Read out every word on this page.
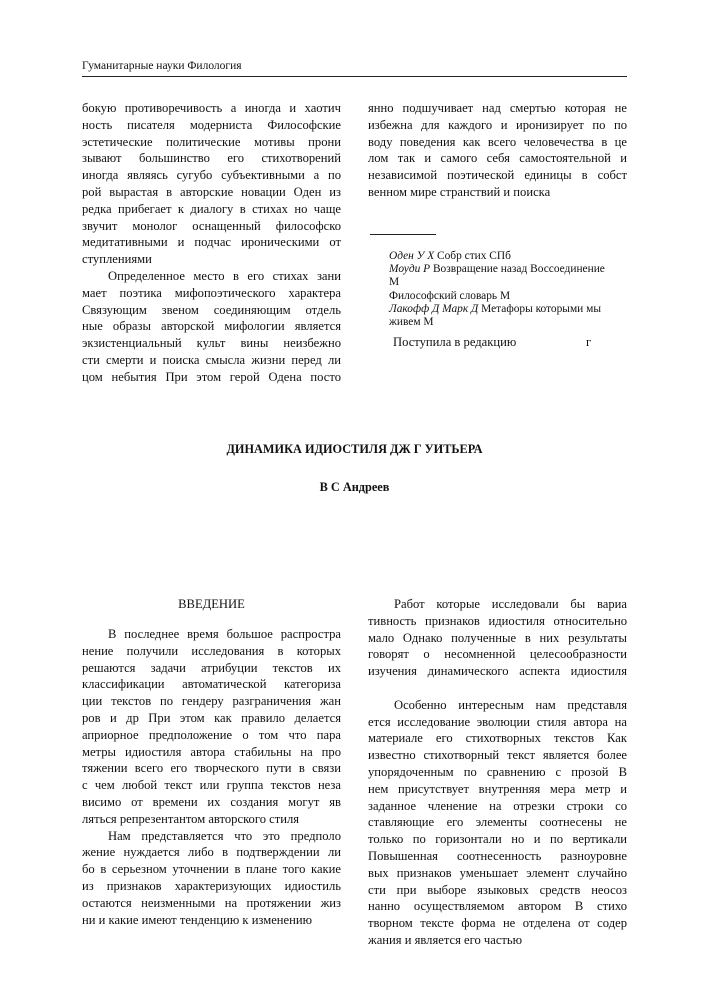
Гуманитарные науки Филология
бокую противоречивость а иногда и хаотич
ность писателя модерниста Философские
эстетические политические мотивы прони
зывают большинство его стихотворений
иногда являясь сугубо субъективными а по
рой вырастая в авторские новации Оден из
редка прибегает к диалогу в стихах но чаще
звучит монолог оснащенный философско
медитативными и подчас ироническими от
ступлениями
Определенное место в его стихах зани
мает поэтика мифопоэтического характера
Связующим звеном соединяющим отдель
ные образы авторской мифологии является
экзистенциальный культ вины неизбежно
сти смерти и поиска смысла жизни перед ли
цом небытия При этом герой Одена посто
янно подшучивает над смертью которая не
избежна для каждого и иронизирует по по
воду поведения как всего человечества в це
лом так и самого себя самостоятельной и
независимой поэтической единицы в собст
венном мире странствий и поиска
Оден У Х Собр стих СПб
Моуди Р Возвращение назад Воссоединение
М
Философский словарь М
Лакофф Д Марк Д Метафоры которыми мы
живем М
Поступила в редакцию	г
ДИНАМИКА ИДИОСТИЛЯ ДЖ Г УИТЬЕРА
В С Андреев
ВВЕДЕНИЕ
В последнее время большое распростра
нение получили исследования в которых
решаются задачи атрибуции текстов их
классификации автоматической категориза
ции текстов по гендеру разграничения жан
ров и др При этом как правило делается
априорное предположение о том что пара
метры идиостиля автора стабильны на про
тяжении всего его творческого пути в связи
с чем любой текст или группа текстов неза
висимо от времени их создания могут яв
ляться репрезентантом авторского стиля
Нам представляется что это предполо
жение нуждается либо в подтверждении ли
бо в серьезном уточнении в плане того какие
из признаков характеризующих идиостиль
остаются неизменными на протяжении жиз
ни и какие имеют тенденцию к изменению
Работ которые исследовали бы вариа
тивность признаков идиостиля относительно
мало Однако полученные в них результаты
говорят о несомненной целесообразности
изучения динамического аспекта идиостиля
Особенно интересным нам представля
ется исследование эволюции стиля автора на
материале его стихотворных текстов Как
известно стихотворный текст является более
упорядоченным по сравнению с прозой В
нем присутствует внутренняя мера метр и
заданное членение на отрезки строки со
ставляющие его элементы соотнесены не
только по горизонтали но и по вертикали
Повышенная соотнесенность разноуровне
вых признаков уменьшает элемент случайно
сти при выборе языковых средств неосоз
нанно осуществляемом автором В стихо
творном тексте форма не отделена от содер
жания и является его частью
